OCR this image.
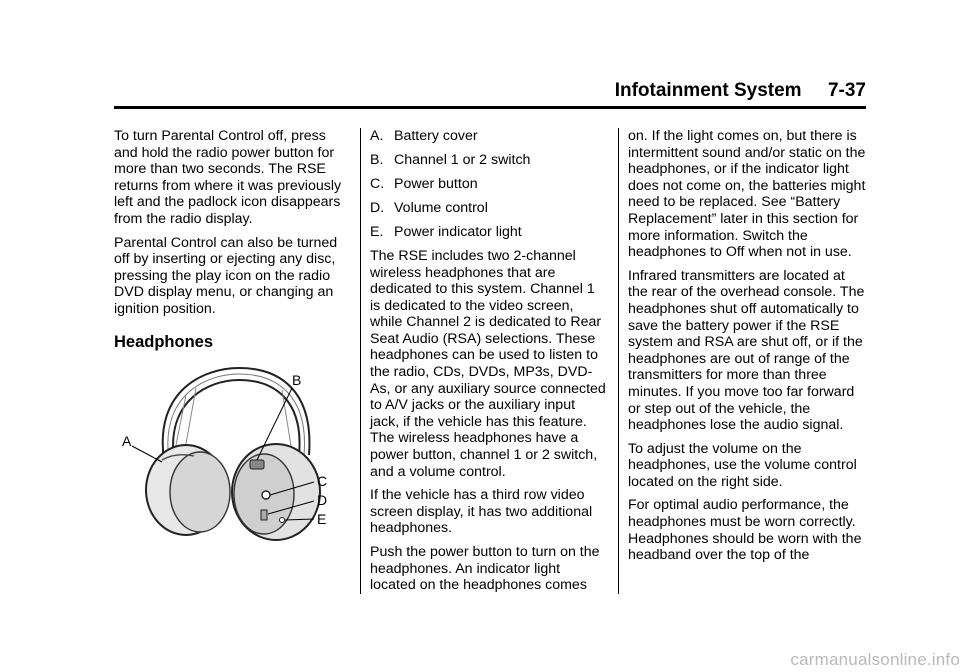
Infotainment System     7-37

To turn Parental Control off, press and hold the radio power button for more than two seconds. The RSE returns from where it was previously left and the padlock icon disappears from the radio display.

Parental Control can also be turned off by inserting or ejecting any disc, pressing the play icon on the radio DVD display menu, or changing an ignition position.

Headphones
A
B
C
D
E
A. Battery cover
B. Channel 1 or 2 switch
C. Power button
D. Volume control
E. Power indicator light

The RSE includes two 2-channel wireless headphones that are dedicated to this system. Channel 1 is dedicated to the video screen, while Channel 2 is dedicated to Rear Seat Audio (RSA) selections. These headphones can be used to listen to the radio, CDs, DVDs, MP3s, DVD-As, or any auxiliary source connected to A/V jacks or the auxiliary input jack, if the vehicle has this feature. The wireless headphones have a power button, channel 1 or 2 switch, and a volume control.

If the vehicle has a third row video screen display, it has two additional headphones.

Push the power button to turn on the headphones. An indicator light located on the headphones comes

on. If the light comes on, but there is intermittent sound and/or static on the headphones, or if the indicator light does not come on, the batteries might need to be replaced. See “Battery Replacement” later in this section for more information. Switch the headphones to Off when not in use.

Infrared transmitters are located at the rear of the overhead console. The headphones shut off automatically to save the battery power if the RSE system and RSA are shut off, or if the headphones are out of range of the transmitters for more than three minutes. If you move too far forward or step out of the vehicle, the headphones lose the audio signal.

To adjust the volume on the headphones, use the volume control located on the right side.

For optimal audio performance, the headphones must be worn correctly. Headphones should be worn with the headband over the top of the

carmanualsonline.info
